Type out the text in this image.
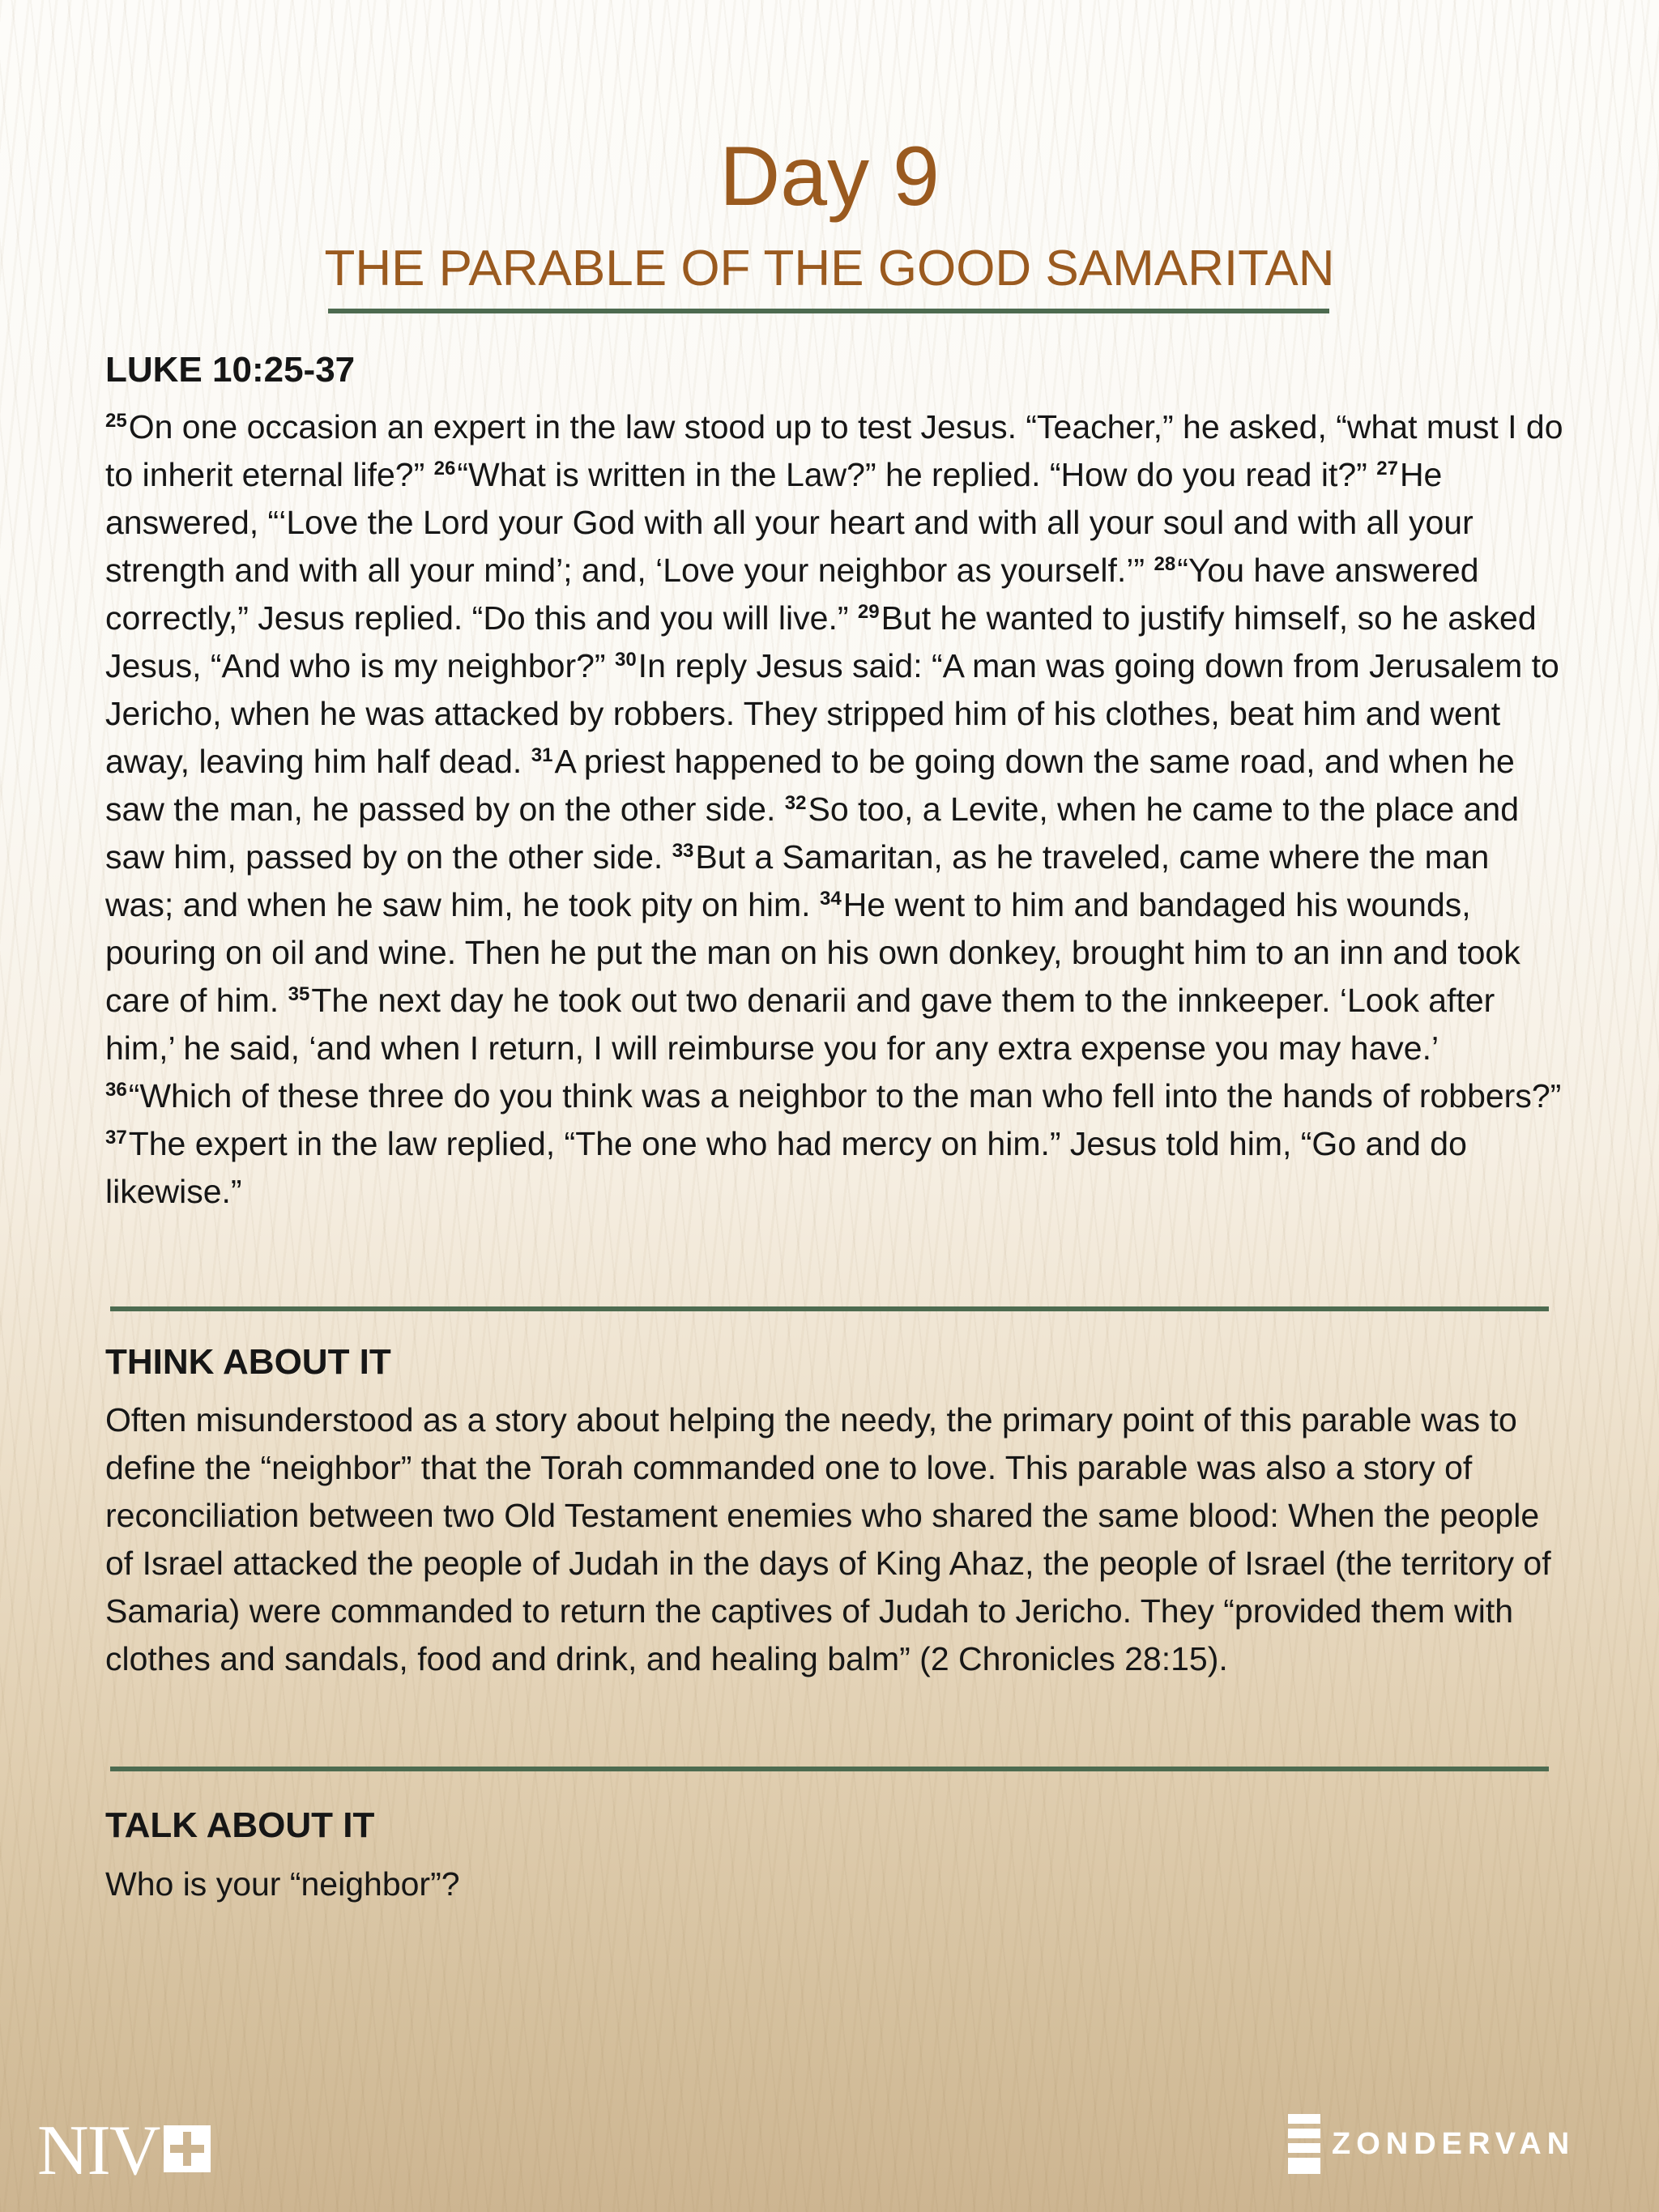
Day 9
THE PARABLE OF THE GOOD SAMARITAN
LUKE 10:25-37
$^{25}$On one occasion an expert in the law stood up to test Jesus. “Teacher,” he asked, “what must I do to inherit eternal life?” $^{26}$“What is written in the Law?” he replied. “How do you read it?” $^{27}$He answered, “‘Love the Lord your God with all your heart and with all your soul and with all your strength and with all your mind’; and, ‘Love your neighbor as yourself.’” $^{28}$“You have answered correctly,” Jesus replied. “Do this and you will live.” $^{29}$But he wanted to justify himself, so he asked Jesus, “And who is my neighbor?” $^{30}$In reply Jesus said: “A man was going down from Jerusalem to Jericho, when he was attacked by robbers. They stripped him of his clothes, beat him and went away, leaving him half dead. $^{31}$A priest happened to be going down the same road, and when he saw the man, he passed by on the other side. $^{32}$So too, a Levite, when he came to the place and saw him, passed by on the other side. $^{33}$But a Samaritan, as he traveled, came where the man was; and when he saw him, he took pity on him. $^{34}$He went to him and bandaged his wounds, pouring on oil and wine. Then he put the man on his own donkey, brought him to an inn and took care of him. $^{35}$The next day he took out two denarii and gave them to the innkeeper. ‘Look after him,’ he said, ‘and when I return, I will reimburse you for any extra expense you may have.’ $^{36}$“Which of these three do you think was a neighbor to the man who fell into the hands of robbers?” $^{37}$The expert in the law replied, “The one who had mercy on him.” Jesus told him, “Go and do likewise.”
THINK ABOUT IT
Often misunderstood as a story about helping the needy, the primary point of this parable was to define the “neighbor” that the Torah commanded one to love. This parable was also a story of reconciliation between two Old Testament enemies who shared the same blood: When the people of Israel attacked the people of Judah in the days of King Ahaz, the people of Israel (the territory of Samaria) were commanded to return the captives of Judah to Jericho. They “provided them with clothes and sandals, food and drink, and healing balm” (2 Chronicles 28:15).
TALK ABOUT IT
Who is your “neighbor”?
NIV	ZONDERVAN
